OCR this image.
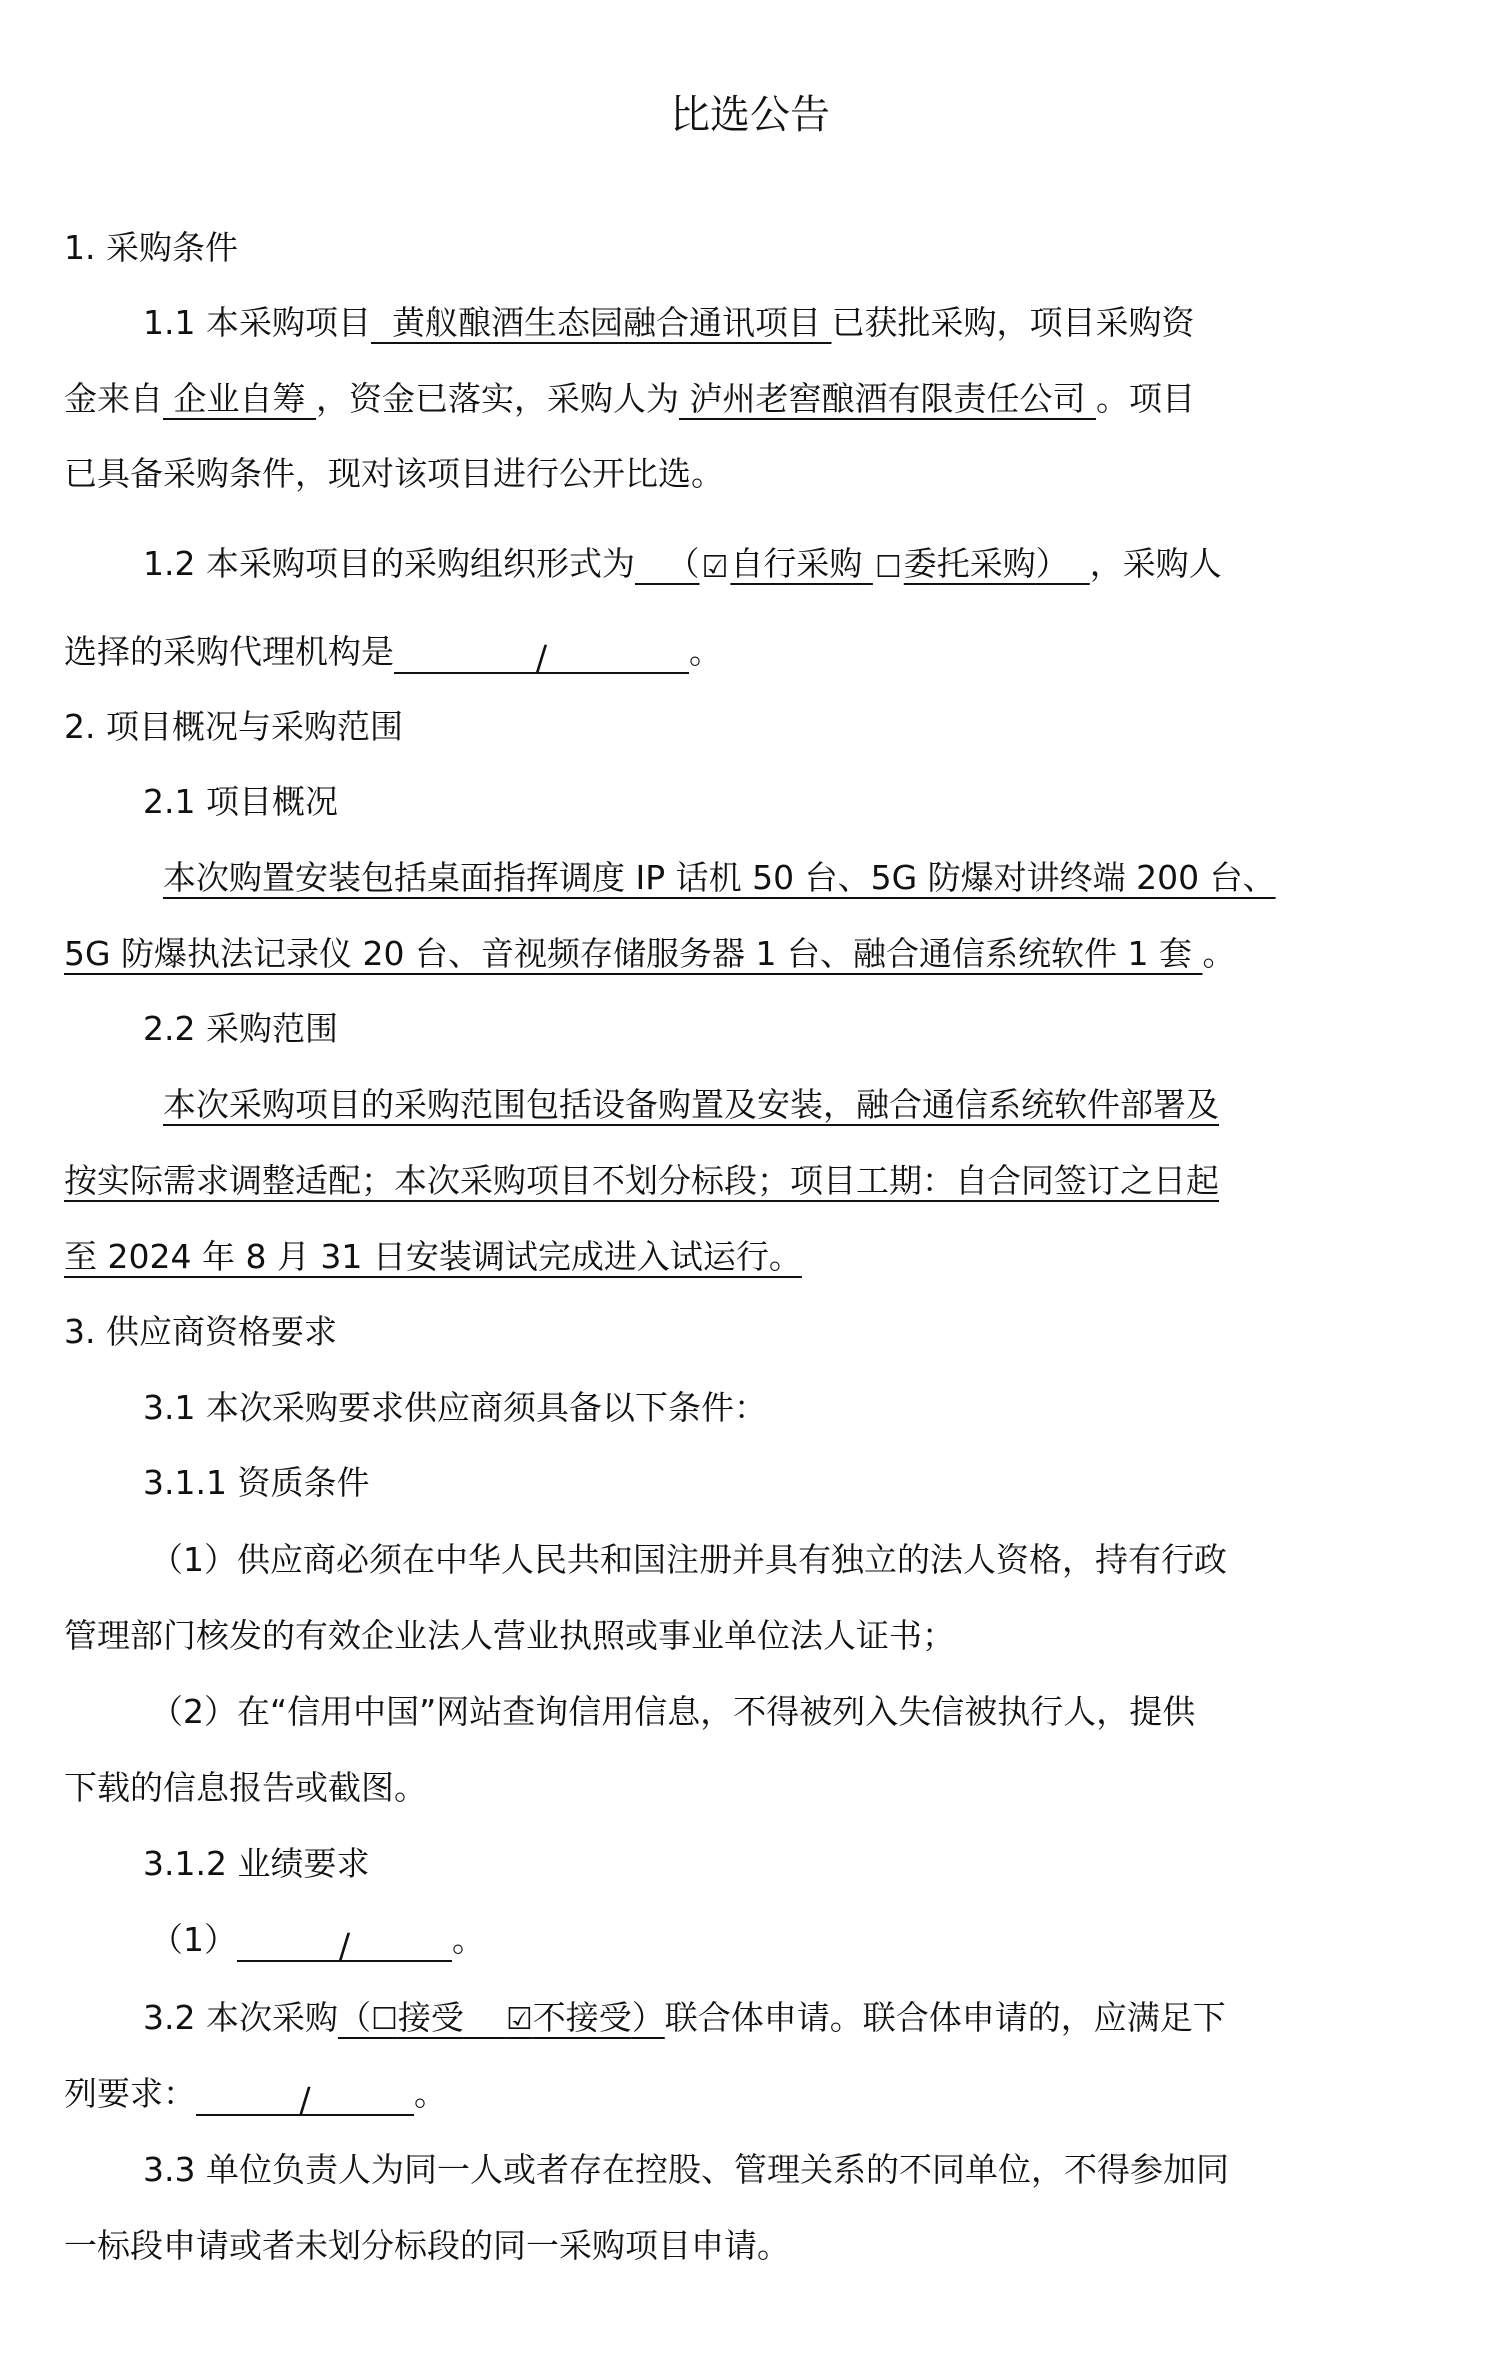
比选公告
1. 采购条件
1.1 本采购项目 黄舣酿酒生态园融合通讯项目 已获批采购，项目采购资
金来自 企业自筹 ，资金已落实，采购人为 泸州老窖酿酒有限责任公司 。项目
已具备采购条件，现对该项目进行公开比选。
1.2 本采购项目的采购组织形式为   （☑自行采购 ☐委托采购）  ，采购人
选择的采购代理机构是	/	。
2. 项目概况与采购范围
2.1 项目概况
本次购置安装包括桌面指挥调度 IP 话机 50 台、5G 防爆对讲终端 200 台、
5G 防爆执法记录仪 20 台、音视频存储服务器 1 台、融合通信系统软件 1 套 。
2.2 采购范围
本次采购项目的采购范围包括设备购置及安装，融合通信系统软件部署及
按实际需求调整适配；本次采购项目不划分标段；项目工期：自合同签订之日起
至 2024 年 8 月 31 日安装调试完成进入试运行。
3. 供应商资格要求
3.1 本次采购要求供应商须具备以下条件：
3.1.1 资质条件
（1）供应商必须在中华人民共和国注册并具有独立的法人资格，持有行政
管理部门核发的有效企业法人营业执照或事业单位法人证书；
（2）在“信用中国”网站查询信用信息，不得被列入失信被执行人，提供
下载的信息报告或截图。
3.1.2 业绩要求
（1）	/	。
3.2 本次采购（☐接受 ☑不接受）联合体申请。联合体申请的，应满足下
列要求：	/	。
3.3 单位负责人为同一人或者存在控股、管理关系的不同单位，不得参加同
一标段申请或者未划分标段的同一采购项目申请。
